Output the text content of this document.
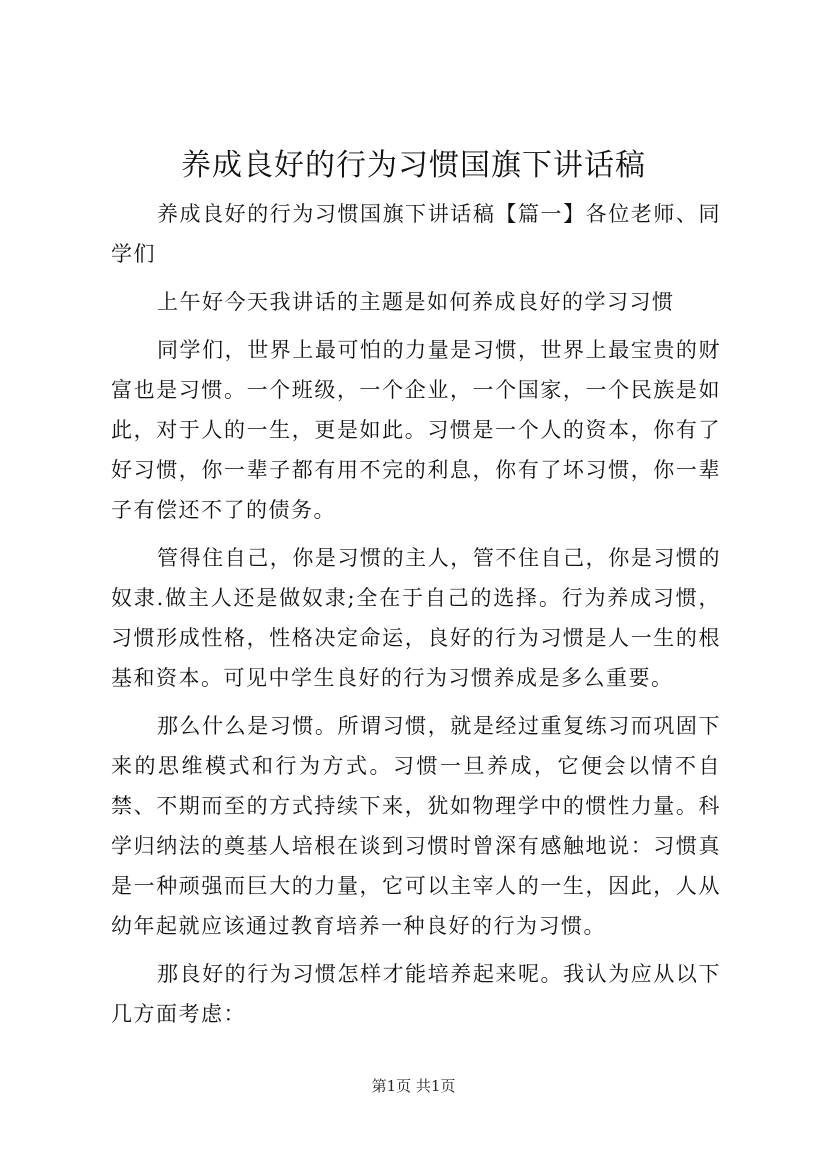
养成良好的行为习惯国旗下讲话稿

养成良好的行为习惯国旗下讲话稿【篇一】各位老师、同学们

上午好今天我讲话的主题是如何养成良好的学习习惯

同学们，世界上最可怕的力量是习惯，世界上最宝贵的财富也是习惯。一个班级，一个企业，一个国家，一个民族是如此，对于人的一生，更是如此。习惯是一个人的资本，你有了好习惯，你一辈子都有用不完的利息，你有了坏习惯，你一辈子有偿还不了的债务。

管得住自己，你是习惯的主人，管不住自己，你是习惯的奴隶.做主人还是做奴隶;全在于自己的选择。行为养成习惯，习惯形成性格，性格决定命运，良好的行为习惯是人一生的根基和资本。可见中学生良好的行为习惯养成是多么重要。

那么什么是习惯。所谓习惯，就是经过重复练习而巩固下来的思维模式和行为方式。习惯一旦养成，它便会以情不自禁、不期而至的方式持续下来，犹如物理学中的惯性力量。科学归纳法的奠基人培根在谈到习惯时曾深有感触地说：习惯真是一种顽强而巨大的力量，它可以主宰人的一生，因此，人从幼年起就应该通过教育培养一种良好的行为习惯。

那良好的行为习惯怎样才能培养起来呢。我认为应从以下几方面考虑：

第1页 共1页
